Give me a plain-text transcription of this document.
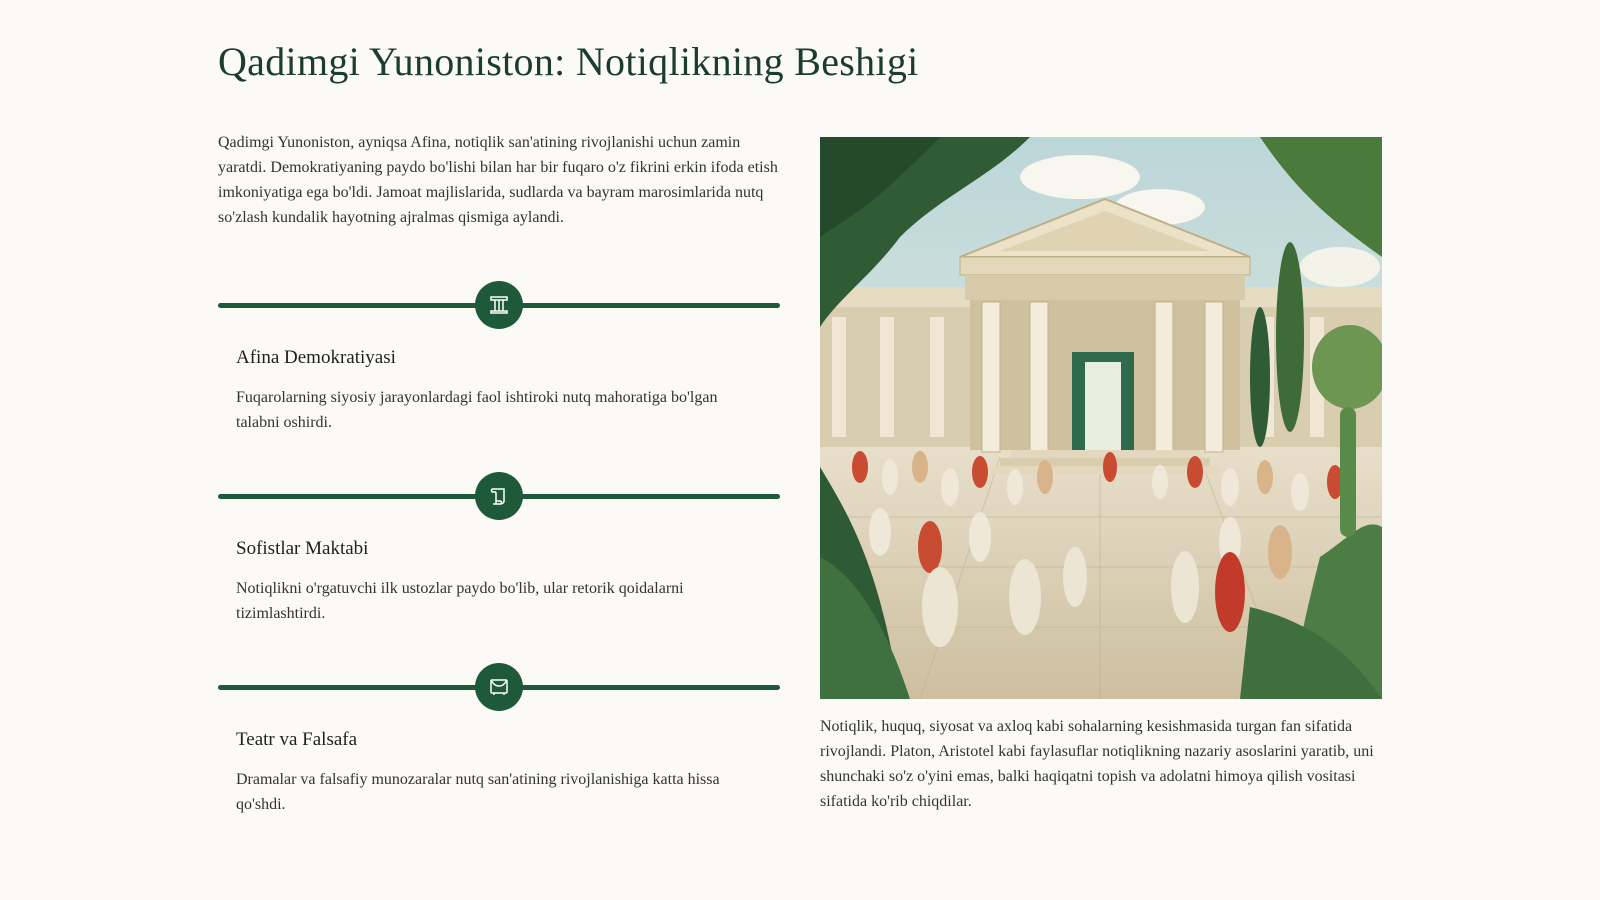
Qadimgi Yunoniston: Notiqlikning Beshigi

Qadimgi Yunoniston, ayniqsa Afina, notiqlik san'atining rivojlanishi uchun zamin yaratdi. Demokratiyaning paydo bo'lishi bilan har bir fuqaro o'z fikrini erkin ifoda etish imkoniyatiga ega bo'ldi. Jamoat majlislarida, sudlarda va bayram marosimlarida nutq so'zlash kundalik hayotning ajralmas qismiga aylandi.

Afina Demokratiyasi
Fuqarolarning siyosiy jarayonlardagi faol ishtiroki nutq mahoratiga bo'lgan talabni oshirdi.
Sofistlar Maktabi
Notiqlikni o'rgatuvchi ilk ustozlar paydo bo'lib, ular retorik qoidalarni tizimlashtirdi.
Teatr va Falsafa
Dramalar va falsafiy munozaralar nutq san'atining rivojlanishiga katta hissa qo'shdi.

Notiqlik, huquq, siyosat va axloq kabi sohalarning kesishmasida turgan fan sifatida rivojlandi. Platon, Aristotel kabi faylasuflar notiqlikning nazariy asoslarini yaratib, uni shunchaki so'z o'yini emas, balki haqiqatni topish va adolatni himoya qilish vositasi sifatida ko'rib chiqdilar.
